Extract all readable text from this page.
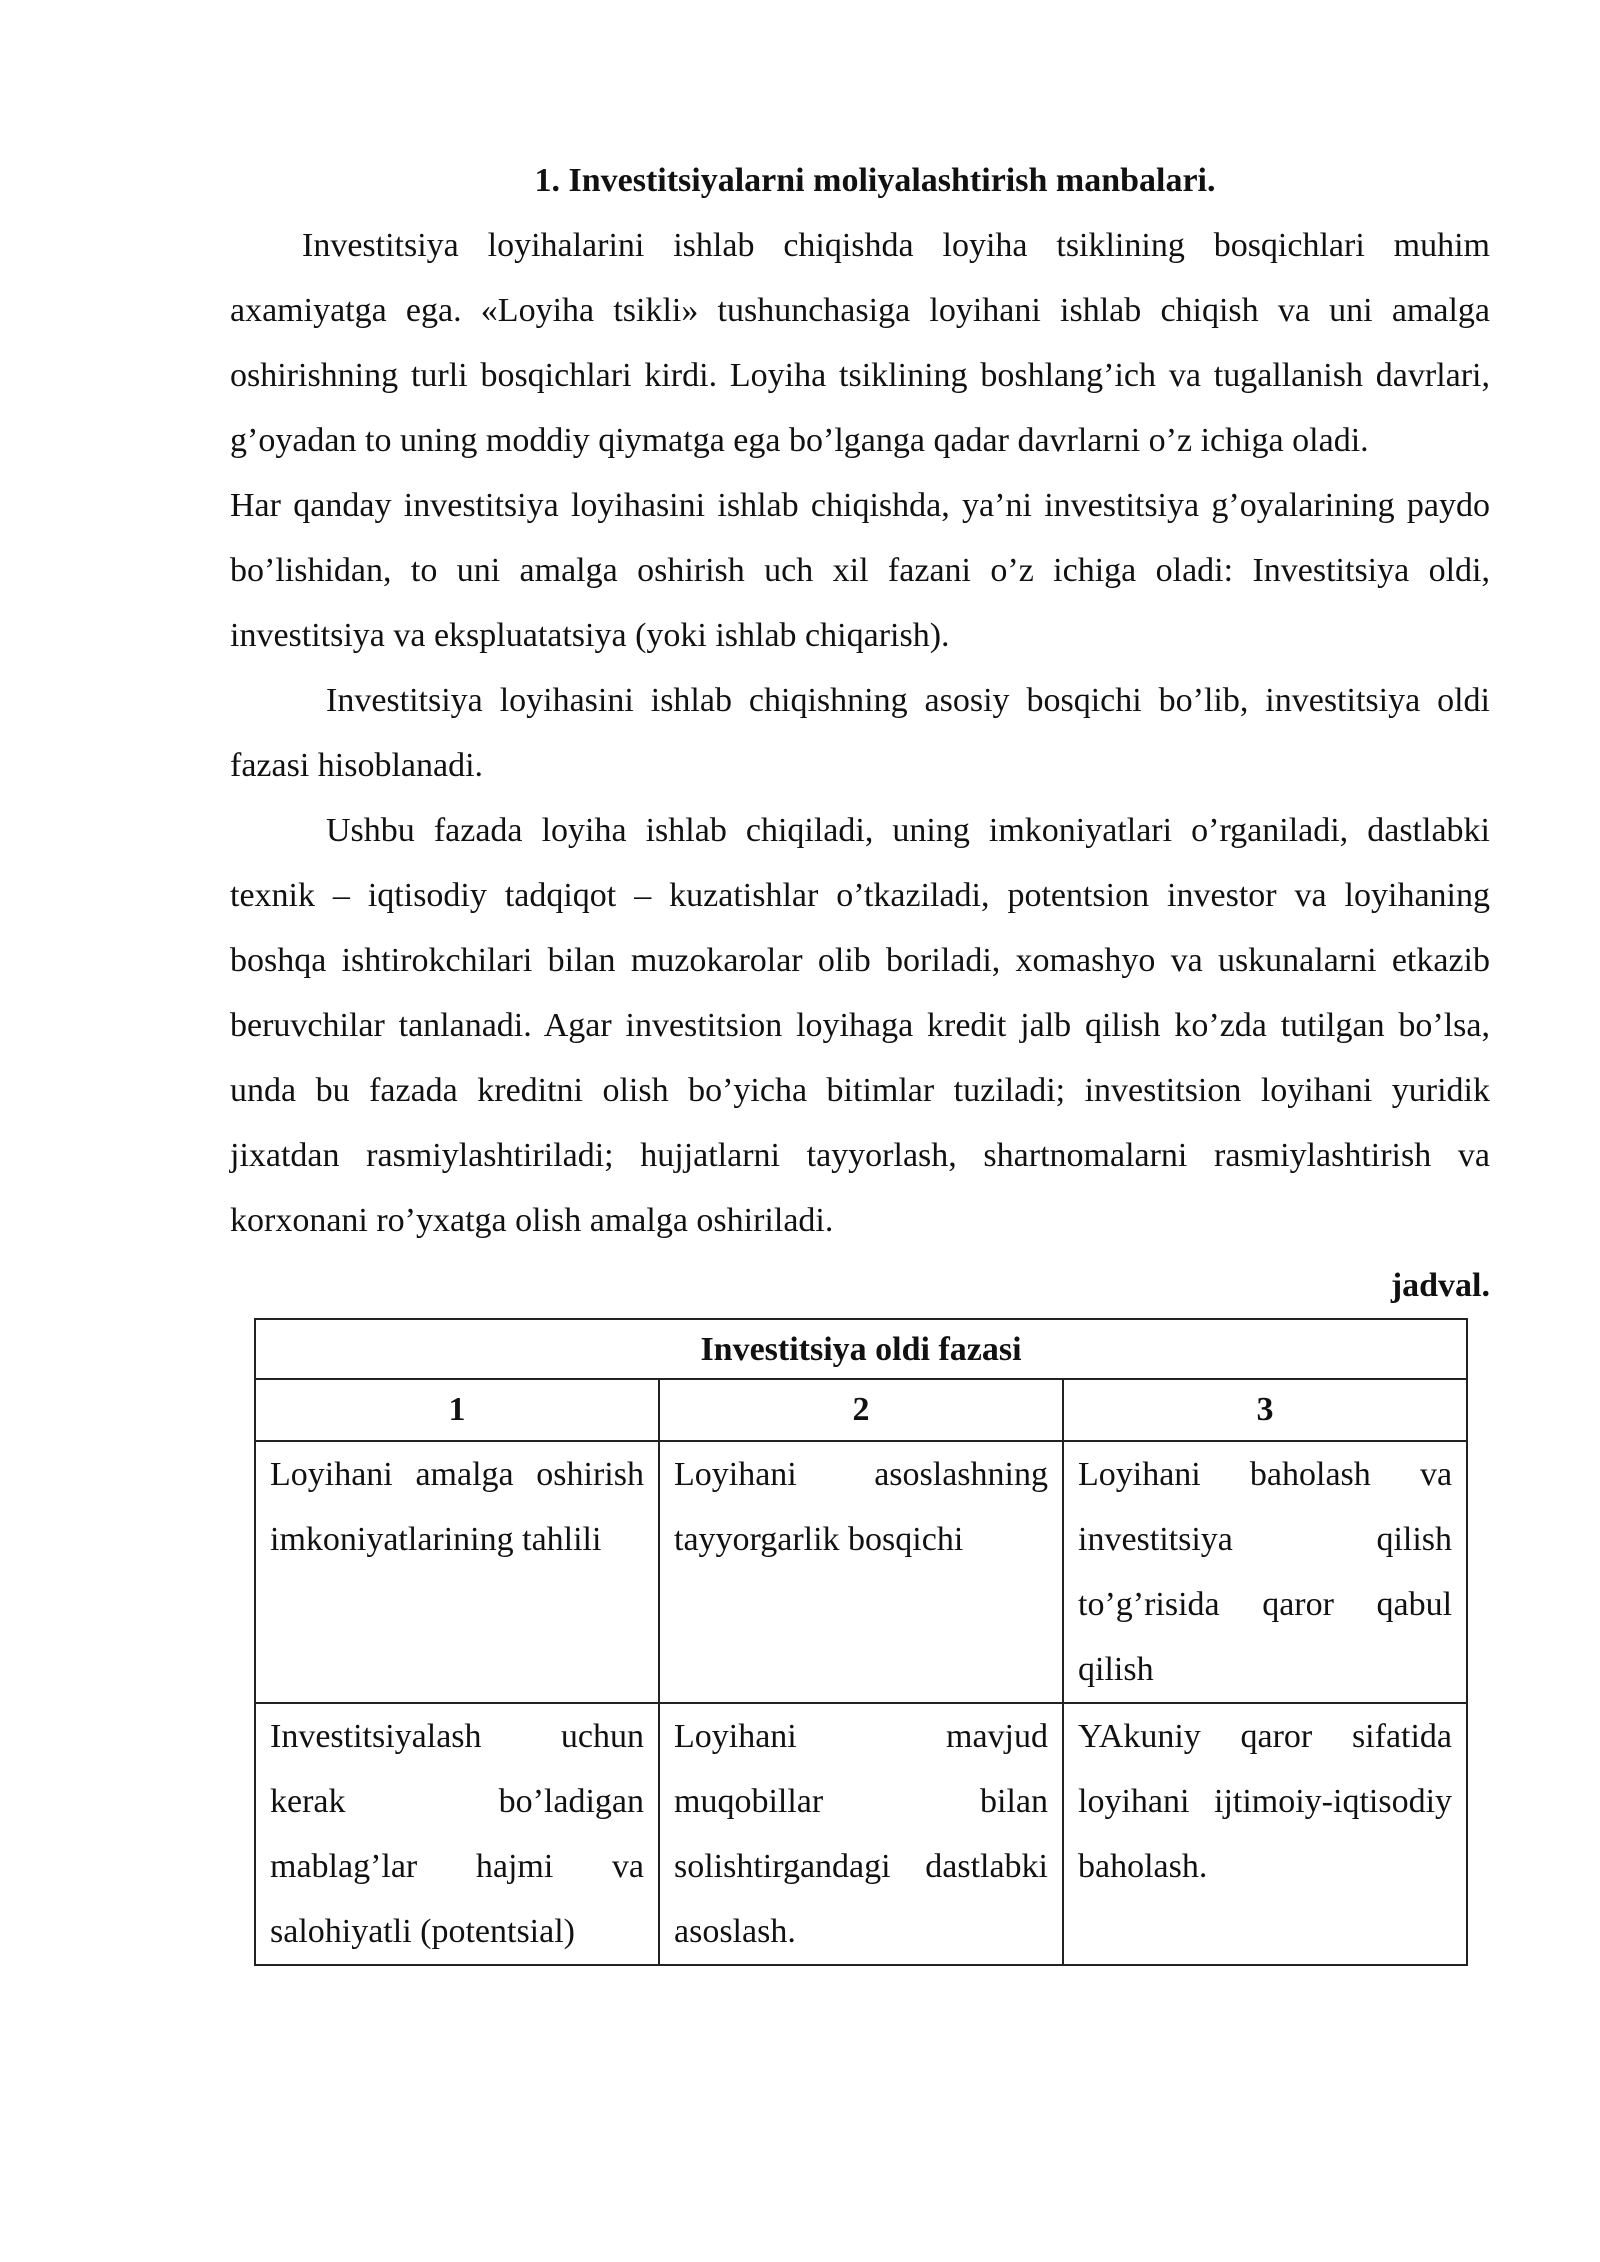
1. Investitsiyalarni moliyalashtirish manbalari.

Investitsiya loyihalarini ishlab chiqishda loyiha tsiklining bosqichlari muhim axamiyatga ega. «Loyiha tsikli» tushunchasiga loyihani ishlab chiqish va uni amalga oshirishning turli bosqichlari kirdi. Loyiha tsiklining boshlang’ich va tugallanish davrlari, g’oyadan to uning moddiy qiymatga ega bo’lganga qadar davrlarni o’z ichiga oladi.

Har qanday investitsiya loyihasini ishlab chiqishda, ya’ni investitsiya g’oyalarining paydo bo’lishidan, to uni amalga oshirish uch xil fazani o’z ichiga oladi: Investitsiya oldi, investitsiya va ekspluatatsiya (yoki ishlab chiqarish).

Investitsiya loyihasini ishlab chiqishning asosiy bosqichi bo’lib, investitsiya oldi fazasi hisoblanadi.

Ushbu fazada loyiha ishlab chiqiladi, uning imkoniyatlari o’rganiladi, dastlabki texnik – iqtisodiy tadqiqot – kuzatishlar o’tkaziladi, potentsion investor va loyihaning boshqa ishtirokchilari bilan muzokarolar olib boriladi, xomashyo va uskunalarni etkazib beruvchilar tanlanadi. Agar investitsion loyihaga kredit jalb qilish ko’zda tutilgan bo’lsa, unda bu fazada kreditni olish bo’yicha bitimlar tuziladi; investitsion loyihani yuridik jixatdan rasmiylashtiriladi; hujjatlarni tayyorlash, shartnomalarni rasmiylashtirish va korxonani ro’yxatga olish amalga oshiriladi.

jadval.
Investitsiya oldi fazasi		
1	2	3

Loyihani amalga oshirish imkoniyatlarining tahlili	Loyihani asoslashning tayyorgarlik bosqichi	Loyihani baholash va investitsiya qilish to’g’risida qaror qabul qilish

Investitsiyalash uchun kerak bo’ladigan mablag’lar hajmi va salohiyatli (potentsial)	Loyihani mavjud muqobillar bilan solishtirgandagi dastlabki asoslash.	YAkuniy qaror sifatida loyihani ijtimoiy-iqtisodiy baholash.
